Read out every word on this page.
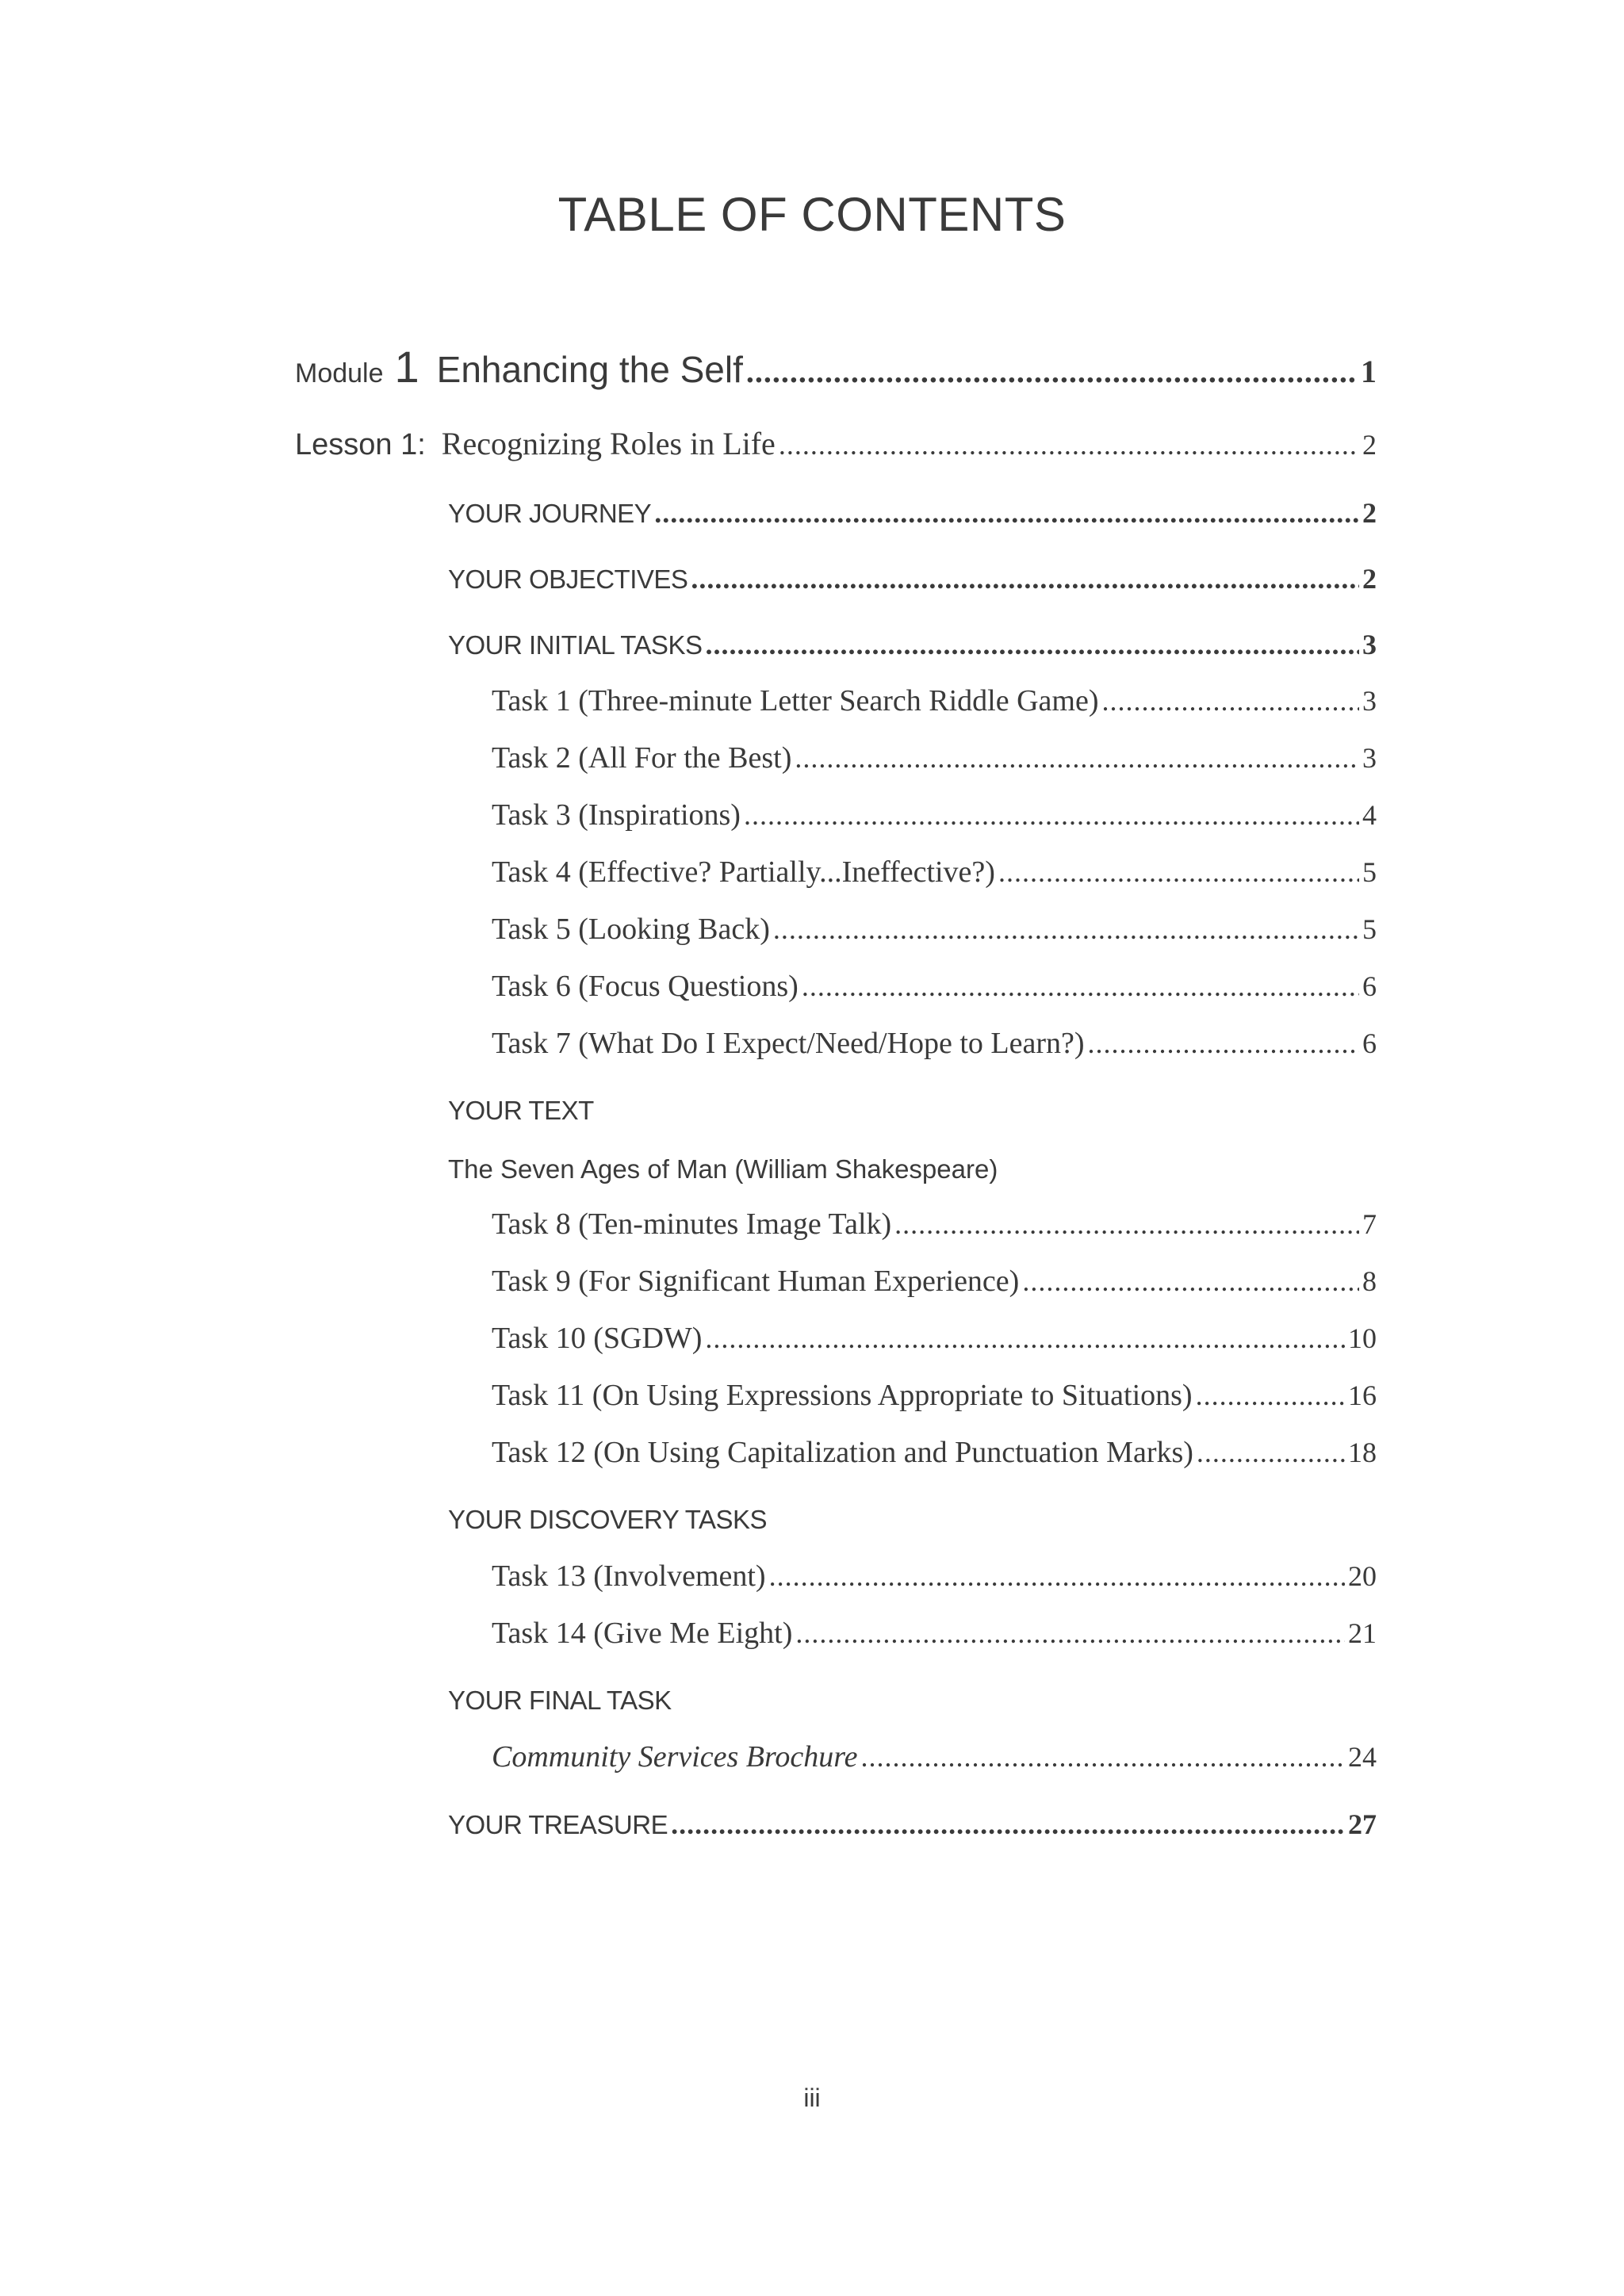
TABLE OF CONTENTS
Module 1 Enhancing the Self .....	1
Lesson 1: Recognizing Roles in Life .....	2
YOUR JOURNEY .....	2
YOUR OBJECTIVES .....	2
YOUR INITIAL TASKS .....	3
Task 1 (Three-minute Letter Search Riddle Game) .....	3
Task 2 (All For the Best) .....	3
Task 3 (Inspirations) .....	4
Task 4 (Effective? Partially...Ineffective?) .....	5
Task 5 (Looking Back) .....	5
Task 6 (Focus Questions) .....	6
Task 7 (What Do I Expect/Need/Hope to Learn?) .....	6
YOUR TEXT
The Seven Ages of Man (William Shakespeare)
Task 8 (Ten-minutes Image Talk) .....	7
Task 9 (For Significant Human Experience) .....	8
Task 10 (SGDW) .....	10
Task 11 (On Using Expressions Appropriate to Situations) .....	16
Task 12 (On Using Capitalization and Punctuation Marks) .....	18
YOUR DISCOVERY TASKS
Task 13 (Involvement) .....	20
Task 14 (Give Me Eight) .....	21
YOUR FINAL TASK
Community Services Brochure .....	24
YOUR TREASURE .....	27
iii
